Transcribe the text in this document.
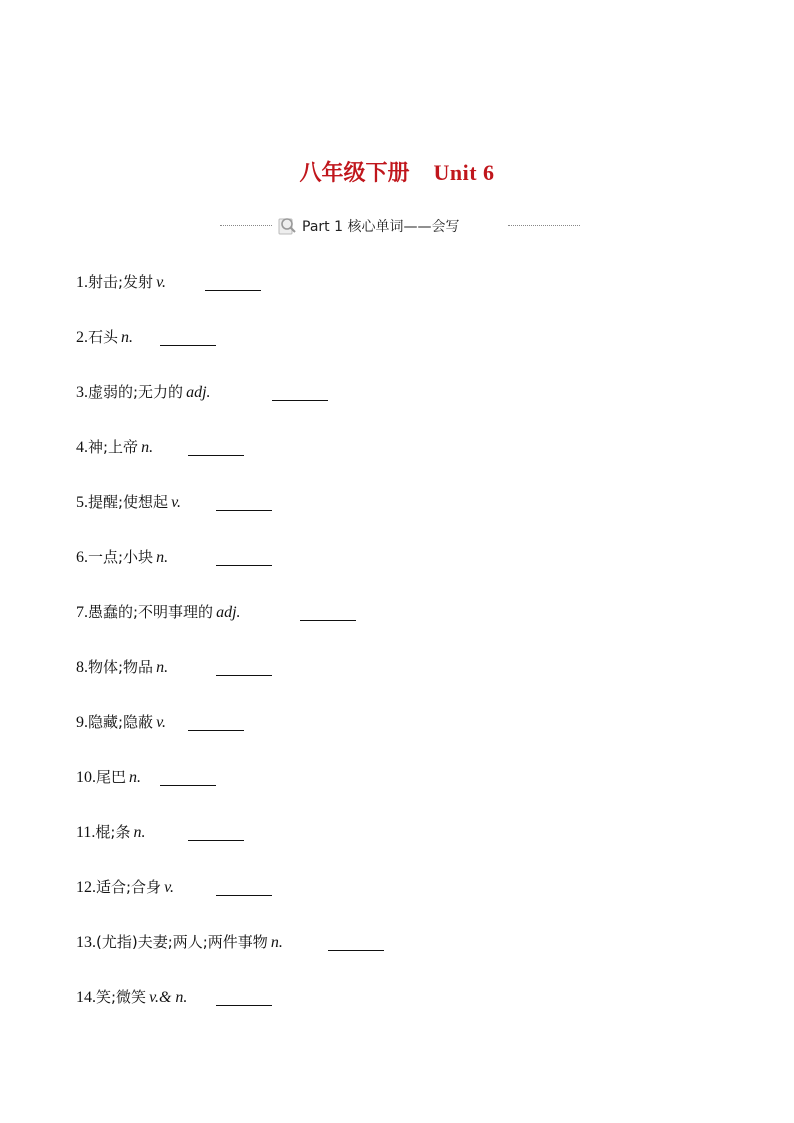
八年级下册 Unit 6
Part 1 核心单词——会写
1.射击;发射 v.
2.石头 n.
3.虚弱的;无力的 adj.
4.神;上帝 n.
5.提醒;使想起 v.
6.一点;小块 n.
7.愚蠢的;不明事理的 adj.
8.物体;物品 n.
9.隐藏;隐蔽 v.
10.尾巴 n.
11.棍;条 n.
12.适合;合身 v.
13.(尤指)夫妻;两人;两件事物 n.
14.笑;微笑 v.& n.
